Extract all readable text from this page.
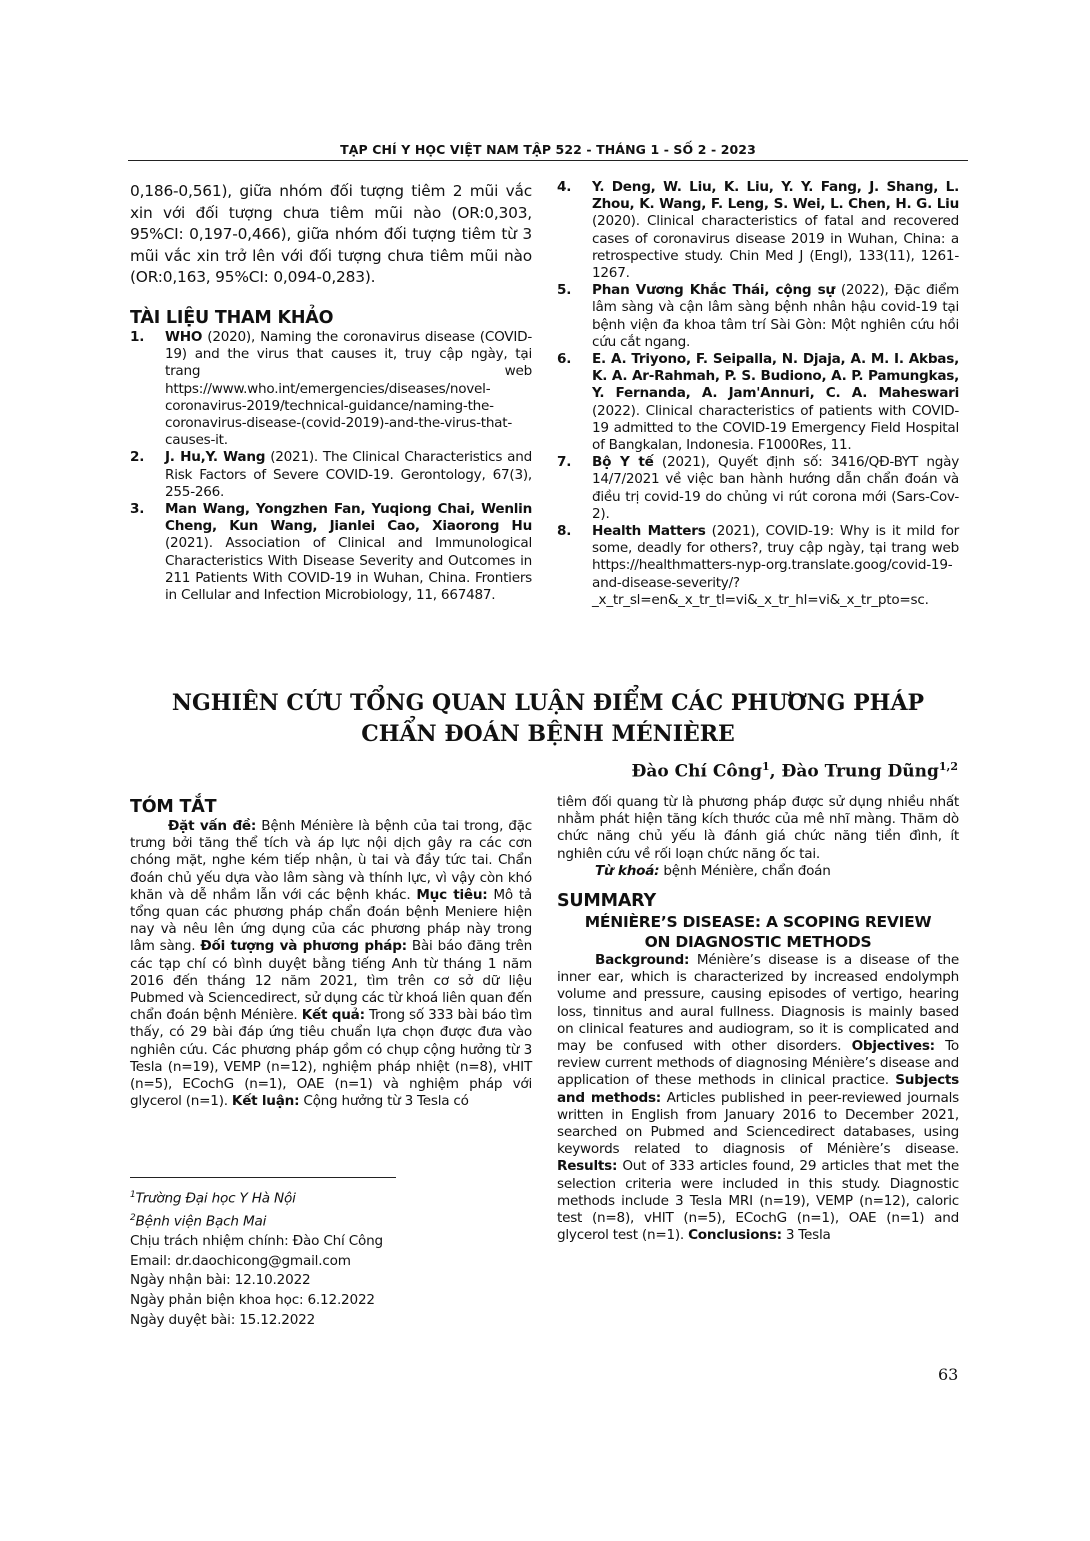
TẠP CHÍ Y HỌC VIỆT NAM TẬP 522 - THÁNG 1 - SỐ 2 - 2023

0,186-0,561), giữa nhóm đối tượng tiêm 2 mũi vắc xin với đối tượng chưa tiêm mũi nào (OR:0,303, 95%CI: 0,197-0,466), giữa nhóm đối tượng tiêm từ 3 mũi vắc xin trở lên với đối tượng chưa tiêm mũi nào (OR:0,163, 95%CI: 0,094-0,283).

TÀI LIỆU THAM KHẢO

1.	WHO (2020), Naming the coronavirus disease (COVID-19) and the virus that causes it, truy cập ngày, tại trang web https://www.who.int/emergencies/diseases/novel-coronavirus-2019/technical-guidance/naming-the-coronavirus-disease-(covid-2019)-and-the-virus-that-causes-it.
2.	J. Hu,Y. Wang (2021). The Clinical Characteristics and Risk Factors of Severe COVID-19. Gerontology, 67(3), 255-266.
3.	Man Wang, Yongzhen Fan, Yuqiong Chai, Wenlin Cheng, Kun Wang, Jianlei Cao, Xiaorong Hu (2021). Association of Clinical and Immunological Characteristics With Disease Severity and Outcomes in 211 Patients With COVID-19 in Wuhan, China. Frontiers in Cellular and Infection Microbiology, 11, 667487.
4.	Y. Deng, W. Liu, K. Liu, Y. Y. Fang, J. Shang, L. Zhou, K. Wang, F. Leng, S. Wei, L. Chen, H. G. Liu (2020). Clinical characteristics of fatal and recovered cases of coronavirus disease 2019 in Wuhan, China: a retrospective study. Chin Med J (Engl), 133(11), 1261-1267.
5.	Phan Vương Khắc Thái, cộng sự (2022), Đặc điểm lâm sàng và cận lâm sàng bệnh nhân hậu covid-19 tại bệnh viện đa khoa tâm trí Sài Gòn: Một nghiên cứu hồi cứu cắt ngang.
6.	E. A. Triyono, F. Seipalla, N. Djaja, A. M. I. Akbas, K. A. Ar-Rahmah, P. S. Budiono, A. P. Pamungkas, Y. Fernanda, A. Jam'Annuri, C. A. Maheswari (2022). Clinical characteristics of patients with COVID-19 admitted to the COVID-19 Emergency Field Hospital of Bangkalan, Indonesia. F1000Res, 11.
7.	Bộ Y tế (2021), Quyết định số: 3416/QĐ-BYT ngày 14/7/2021 về việc ban hành hướng dẫn chẩn đoán và điều trị covid-19 do chủng vi rút corona mới (Sars-Cov-2).
8.	Health Matters (2021), COVID-19: Why is it mild for some, deadly for others?, truy cập ngày, tại trang web https://healthmatters-nyp-org.translate.goog/covid-19-and-disease-severity/?_x_tr_sl=en&_x_tr_tl=vi&_x_tr_hl=vi&_x_tr_pto=sc.
NGHIÊN CỨU TỔNG QUAN LUẬN ĐIỂM CÁC PHƯƠNG PHÁP
CHẨN ĐOÁN BỆNH MÉNIÈRE
Đào Chí Công$^1$, Đào Trung Dũng$^{1,2}$

TÓM TẮT

Đặt vấn đề: Bệnh Ménière là bệnh của tai trong, đặc trưng bởi tăng thể tích và áp lực nội dịch gây ra các cơn chóng mặt, nghe kém tiếp nhận, ù tai và đầy tức tai. Chẩn đoán chủ yếu dựa vào lâm sàng và thính lực, vì vậy còn khó khăn và dễ nhầm lẫn với các bệnh khác. Mục tiêu: Mô tả tổng quan các phương pháp chẩn đoán bệnh Meniere hiện nay và nêu lên ứng dụng của các phương pháp này trong lâm sàng. Đối tượng và phương pháp: Bài báo đăng trên các tạp chí có bình duyệt bằng tiếng Anh từ tháng 1 năm 2016 đến tháng 12 năm 2021, tìm trên cơ sở dữ liệu Pubmed và Sciencedirect, sử dụng các từ khoá liên quan đến chẩn đoán bệnh Ménière. Kết quả: Trong số 333 bài báo tìm thấy, có 29 bài đáp ứng tiêu chuẩn lựa chọn được đưa vào nghiên cứu. Các phương pháp gồm có chụp cộng hưởng từ 3 Tesla (n=19), VEMP (n=12), nghiệm pháp nhiệt (n=8), vHIT (n=5), ECochG (n=1), OAE (n=1) và nghiệm pháp với glycerol (n=1). Kết luận: Cộng hưởng từ 3 Tesla có

$^1$Trường Đại học Y Hà Nội
$^2$Bệnh viện Bạch Mai
Chịu trách nhiệm chính: Đào Chí Công
Email: dr.daochicong@gmail.com
Ngày nhận bài: 12.10.2022
Ngày phản biện khoa học: 6.12.2022
Ngày duyệt bài: 15.12.2022

tiêm đối quang từ là phương pháp được sử dụng nhiều nhất nhằm phát hiện tăng kích thước của mê nhĩ màng. Thăm dò chức năng chủ yếu là đánh giá chức năng tiền đình, ít nghiên cứu về rối loạn chức năng ốc tai.

Từ khoá: bệnh Ménière, chẩn đoán

SUMMARY

MÉNIÈRE’S DISEASE: A SCOPING REVIEW
ON DIAGNOSTIC METHODS

Background: Ménière’s disease is a disease of the inner ear, which is characterized by increased endolymph volume and pressure, causing episodes of vertigo, hearing loss, tinnitus and aural fullness. Diagnosis is mainly based on clinical features and audiogram, so it is complicated and may be confused with other disorders. Objectives: To review current methods of diagnosing Ménière’s disease and application of these methods in clinical practice. Subjects and methods: Articles published in peer-reviewed journals written in English from January 2016 to December 2021, searched on Pubmed and Sciencedirect databases, using keywords related to diagnosis of Ménière’s disease. Results: Out of 333 articles found, 29 articles that met the selection criteria were included in this study. Diagnostic methods include 3 Tesla MRI (n=19), VEMP (n=12), caloric test (n=8), vHIT (n=5), ECochG (n=1), OAE (n=1) and glycerol test (n=1). Conclusions: 3 Tesla

63
